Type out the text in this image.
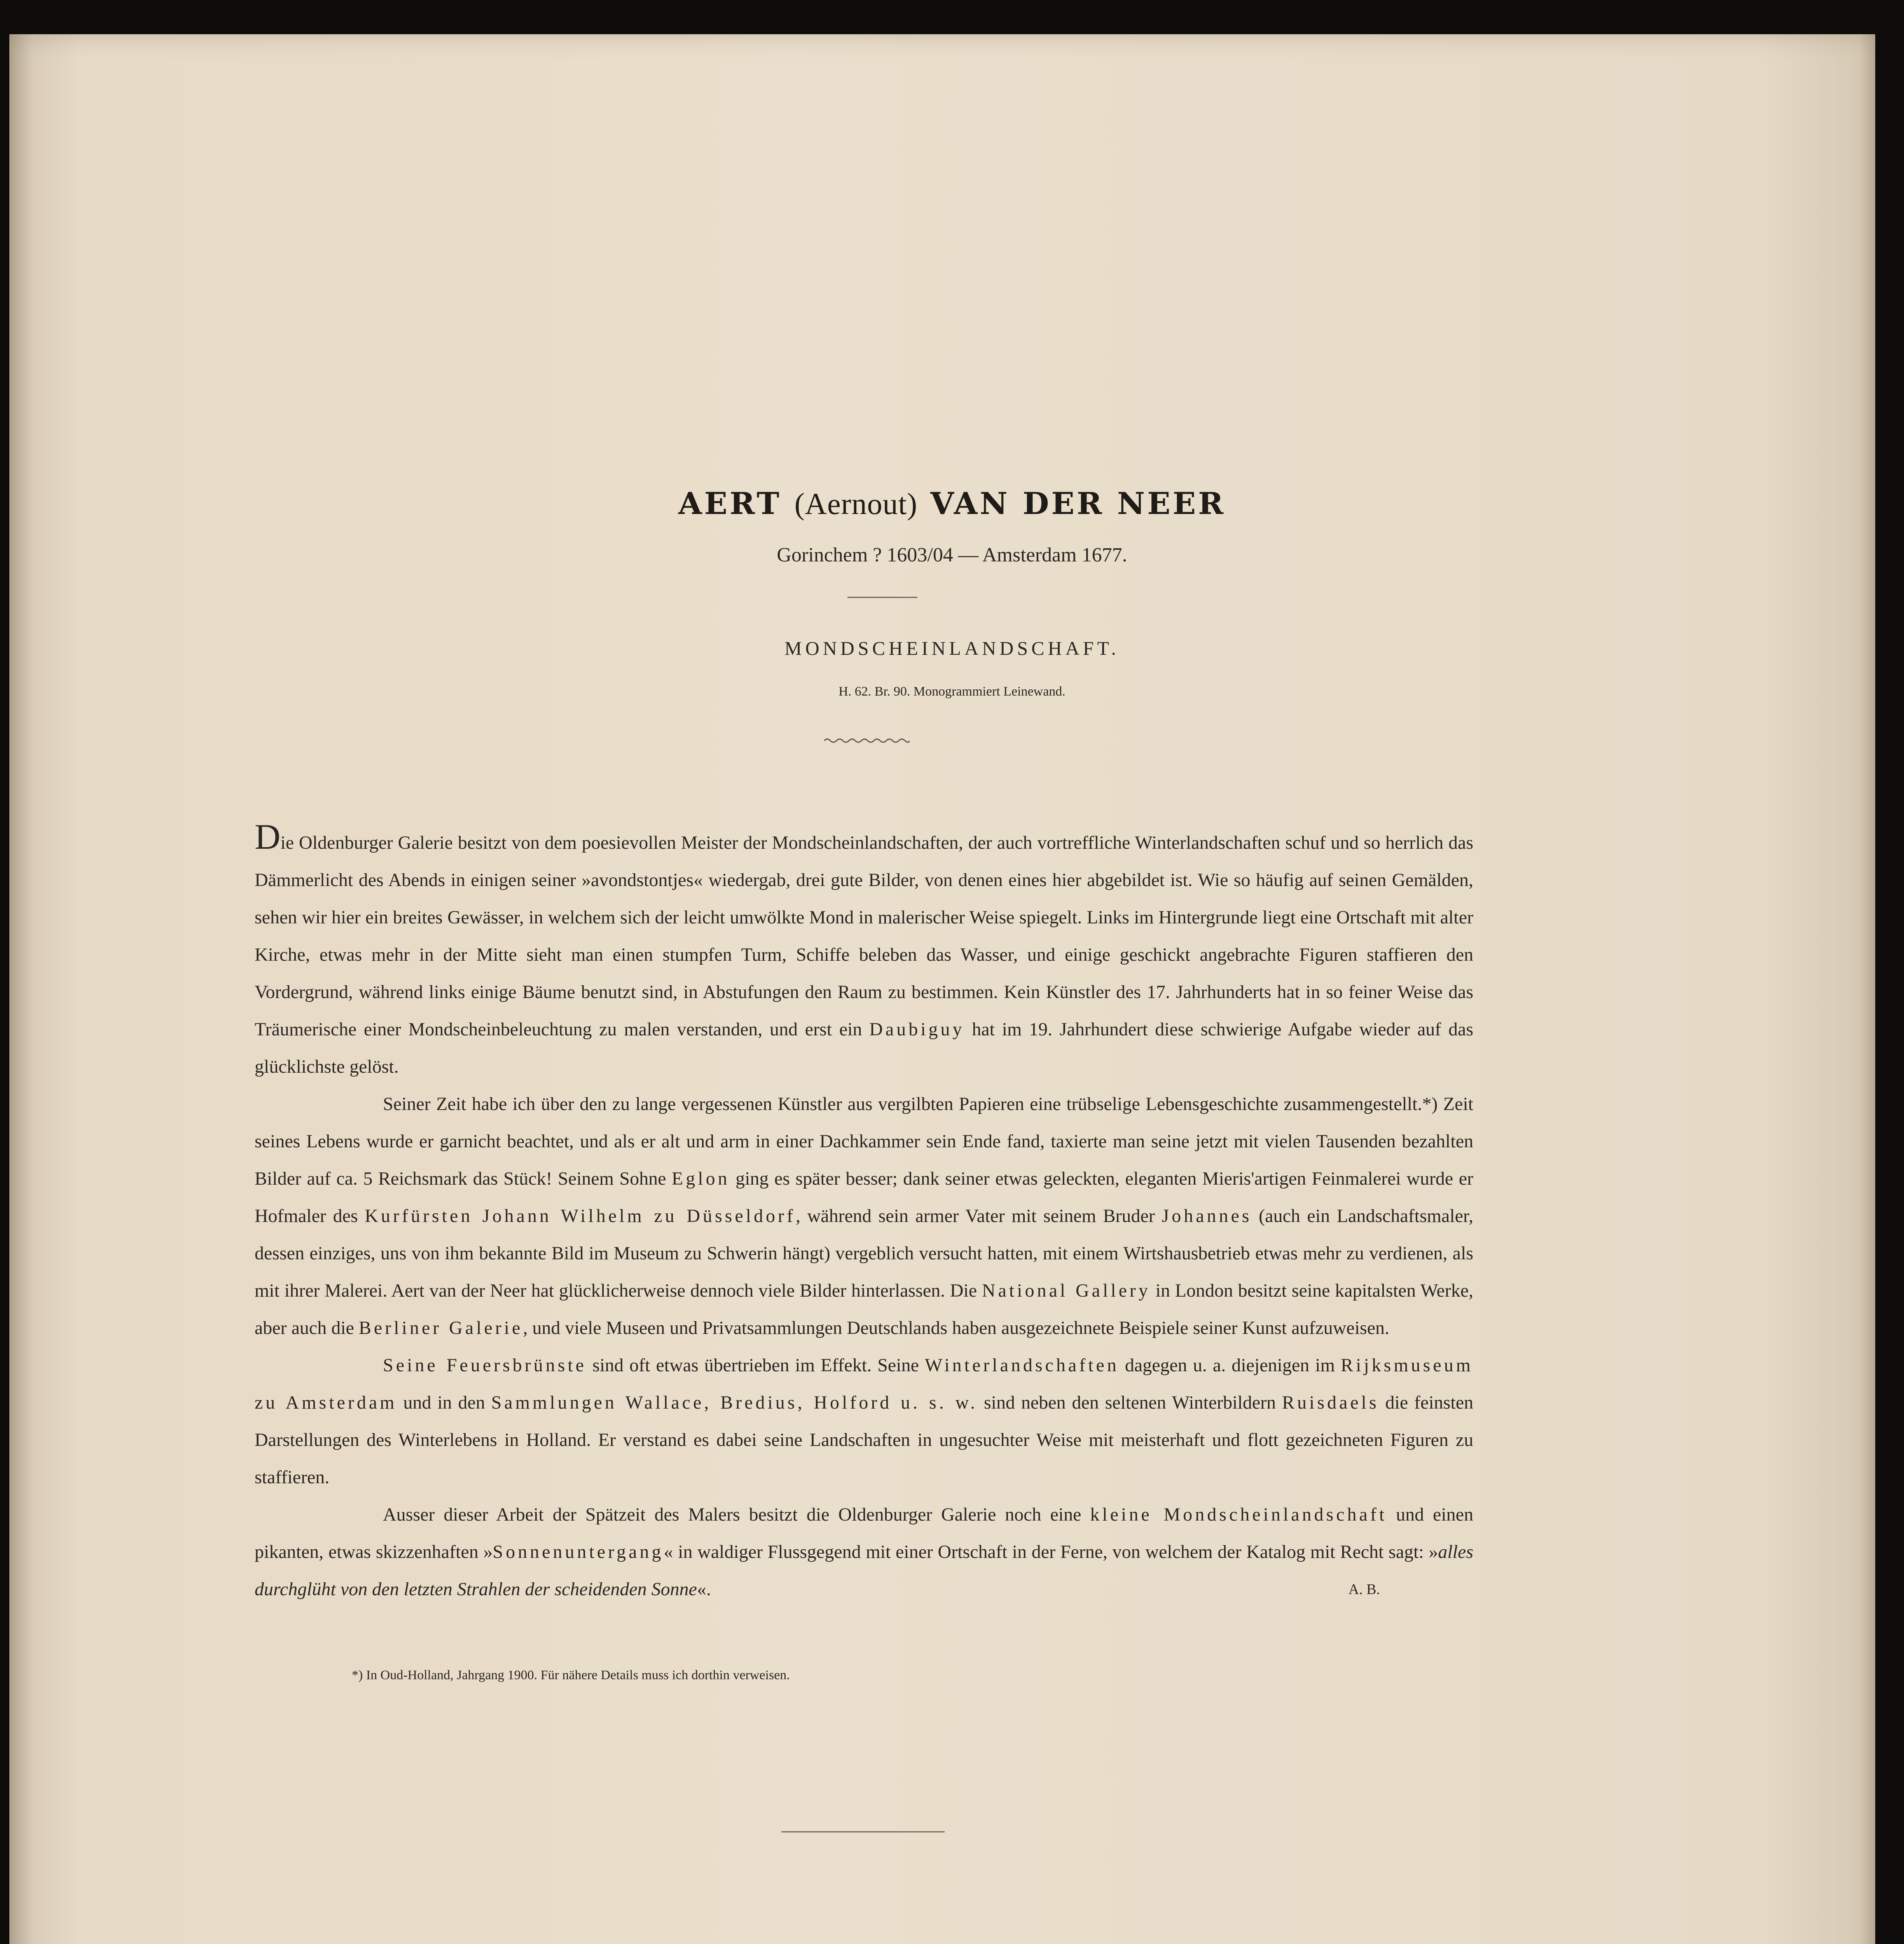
AERT (Aernout) VAN DER NEER
Gorinchem ? 1603/04 — Amsterdam 1677.
MONDSCHEINLANDSCHAFT.
H. 62. Br. 90. Monogrammiert Leinewand.

Die Oldenburger Galerie besitzt von dem poesievollen Meister der Mondscheinlandschaften, der auch vortreffliche Winterlandschaften schuf und so herrlich das Dämmerlicht des Abends in einigen seiner »avondstontjes« wiedergab, drei gute Bilder, von denen eines hier abgebildet ist. Wie so häufig auf seinen Gemälden, sehen wir hier ein breites Gewässer, in welchem sich der leicht umwölkte Mond in malerischer Weise spiegelt. Links im Hintergrunde liegt eine Ortschaft mit alter Kirche, etwas mehr in der Mitte sieht man einen stumpfen Turm, Schiffe beleben das Wasser, und einige geschickt angebrachte Figuren staffieren den Vordergrund, während links einige Bäume benutzt sind, in Abstufungen den Raum zu bestimmen. Kein Künstler des 17. Jahrhunderts hat in so feiner Weise das Träumerische einer Mondscheinbeleuchtung zu malen verstanden, und erst ein Daubiguy hat im 19. Jahrhundert diese schwierige Aufgabe wieder auf das glücklichste gelöst.

Seiner Zeit habe ich über den zu lange vergessenen Künstler aus vergilbten Papieren eine trübselige Lebensgeschichte zusammengestellt.*) Zeit seines Lebens wurde er garnicht beachtet, und als er alt und arm in einer Dachkammer sein Ende fand, taxierte man seine jetzt mit vielen Tausenden bezahlten Bilder auf ca. 5 Reichsmark das Stück! Seinem Sohne Eglon ging es später besser; dank seiner etwas geleckten, eleganten Mieris'artigen Feinmalerei wurde er Hofmaler des Kurfürsten Johann Wilhelm zu Düsseldorf, während sein armer Vater mit seinem Bruder Johannes (auch ein Landschaftsmaler, dessen einziges, uns von ihm bekannte Bild im Museum zu Schwerin hängt) vergeblich versucht hatten, mit einem Wirtshausbetrieb etwas mehr zu verdienen, als mit ihrer Malerei. Aert van der Neer hat glücklicherweise dennoch viele Bilder hinterlassen. Die National Gallery in London besitzt seine kapitalsten Werke, aber auch die Berliner Galerie, und viele Museen und Privatsammlungen Deutschlands haben ausgezeichnete Beispiele seiner Kunst aufzuweisen.

Seine Feuersbrünste sind oft etwas übertrieben im Effekt. Seine Winterlandschaften dagegen u. a. diejenigen im Rijksmuseum zu Amsterdam und in den Sammlungen Wallace, Bredius, Holford u. s. w. sind neben den seltenen Winterbildern Ruisdaels die feinsten Darstellungen des Winterlebens in Holland. Er verstand es dabei seine Landschaften in ungesuchter Weise mit meisterhaft und flott gezeichneten Figuren zu staffieren.

Ausser dieser Arbeit der Spätzeit des Malers besitzt die Oldenburger Galerie noch eine kleine Mondscheinlandschaft und einen pikanten, etwas skizzenhaften »Sonnenuntergang« in waldiger Flussgegend mit einer Ortschaft in der Ferne, von welchem der Katalog mit Recht sagt: »alles durchglüht von den letzten Strahlen der scheidenden Sonne«.	A. B.

*) In Oud-Holland, Jahrgang 1900. Für nähere Details muss ich dorthin verweisen.
